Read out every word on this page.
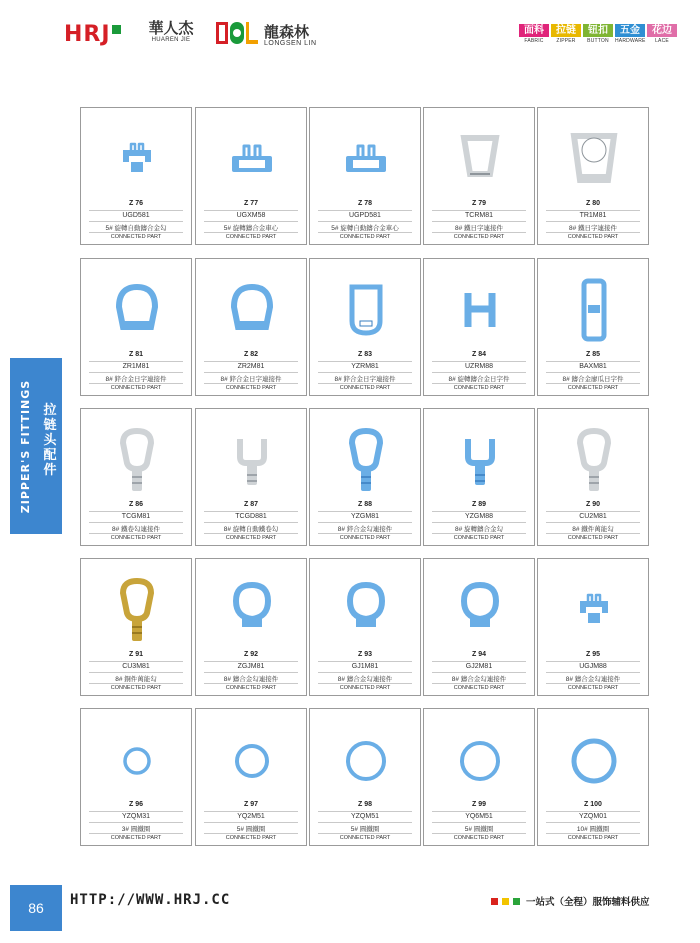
HRJ	華人杰
HUAREN JIE	龍森林
LONGSEN LIN
面料
FABRIC
拉链
ZIPPER
钮扣
BUTTON
五金
HARDWARE
花边
LACE
ZIPPER'S FITTINGS 拉链头配件
Z 76
UGD581
5# 旋轉自動鑄合金勾
CONNECTED PART
Z 77
UGXM58
5# 旋轉鑄合金車心
CONNECTED PART
Z 78
UGPD581
5# 旋轉自動鑄合金車心
CONNECTED PART
Z 79
TCRM81
8# 鐵日字連接件
CONNECTED PART
Z 80
TR1M81
8# 鐵日字連接件
CONNECTED PART
Z 81
ZR1M81
8# 鋅合金日字連接件
CONNECTED PART
Z 82
ZR2M81
8# 鋅合金日字連接件
CONNECTED PART
Z 83
YZRM81
8# 鋅合金日字連接件
CONNECTED PART
Z 84
UZRM88
8# 旋轉鑄合金日字件
CONNECTED PART
Z 85
BAXM81
8# 鑄合金廖瓜日字件
CONNECTED PART
Z 86
TCGM81
8# 鐵卷勾連接件
CONNECTED PART
Z 87
TCGD881
8# 旋轉自動鐵卷勾
CONNECTED PART
Z 88
YZGM81
8# 鋅合金勾連接件
CONNECTED PART
Z 89
YZGM88
8# 旋轉鑄合金勾
CONNECTED PART
Z 90
CU2M81
8# 鐵件萬能勾
CONNECTED PART
Z 91
CU3M81
8# 銅件萬能勾
CONNECTED PART
Z 92
ZGJM81
8# 鑄合金勾連接件
CONNECTED PART
Z 93
GJ1M81
8# 鑄合金勾連接件
CONNECTED PART
Z 94
GJ2M81
8# 鑄合金勾連接件
CONNECTED PART
Z 95
UGJM88
8# 鑄合金勾連接件
CONNECTED PART
Z 96
YZQM31
3# 圓鐵圈
CONNECTED PART
Z 97
YQ2M51
5# 圓鐵圈
CONNECTED PART
Z 98
YZQM51
5# 圓鐵圈
CONNECTED PART
Z 99
YQ6M51
5# 圓鐵圈
CONNECTED PART
Z 100
YZQM01
10# 圓鐵圈
CONNECTED PART
86	HTTP://WWW.HRJ.CC	一站式（全程）服饰辅料供应
